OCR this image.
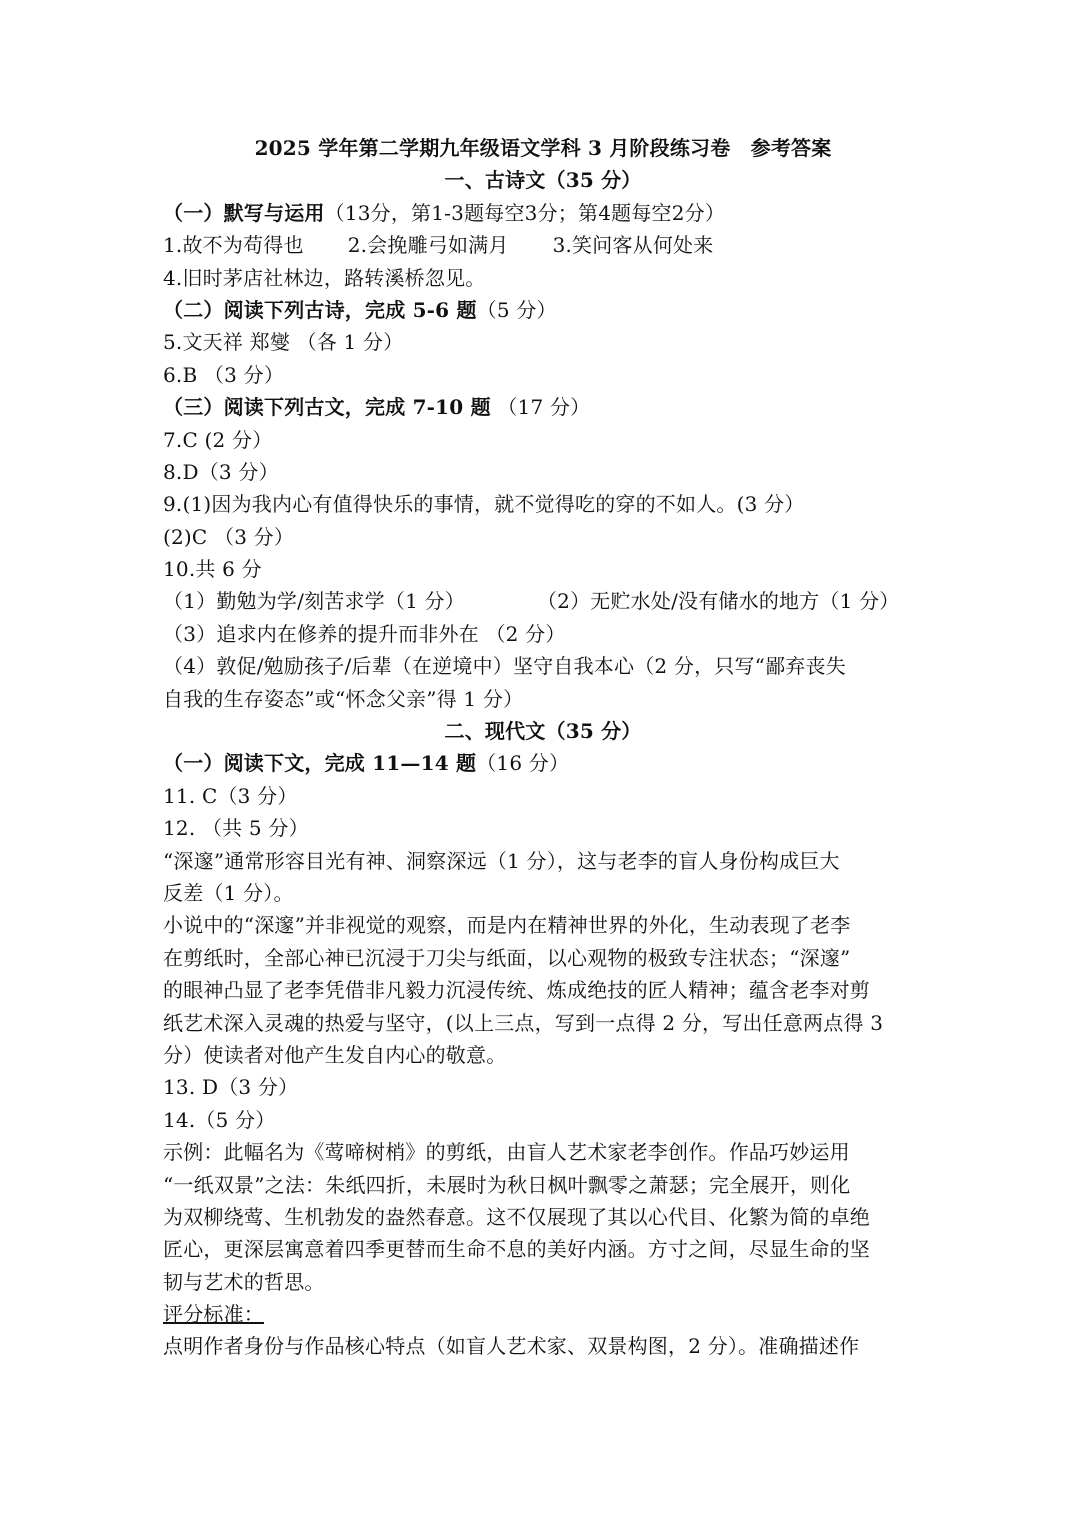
2025 学年第二学期九年级语文学科 3 月阶段练习卷　参考答案
一、古诗文（35 分）
（一）默写与运用（13分，第1-3题每空3分；第4题每空2分）
1.故不为苟得也 2.会挽雕弓如满月 3.笑问客从何处来
4.旧时茅店社林边，路转溪桥忽见。
（二）阅读下列古诗，完成 5-6 题（5 分）
5.文天祥 郑燮 （各 1 分）
6.B （3 分）
（三）阅读下列古文，完成 7-10 题 （17 分）
7.C (2 分）
8.D（3 分）
9.(1)因为我内心有值得快乐的事情，就不觉得吃的穿的不如人。(3 分）
(2)C （3 分）
10.共 6 分
（1）勤勉为学/刻苦求学（1 分）	（2）无贮水处/没有储水的地方（1 分）
（3）追求内在修养的提升而非外在 （2 分）
（4）敦促/勉励孩子/后辈（在逆境中）坚守自我本心（2 分，只写“鄙弃丧失
自我的生存姿态”或“怀念父亲”得 1 分）
二、现代文（35 分）
（一）阅读下文，完成 11—14 题（16 分）
11. C（3 分）
12. （共 5 分）
“深邃”通常形容目光有神、洞察深远（1 分），这与老李的盲人身份构成巨大
反差（1 分）。
小说中的“深邃”并非视觉的观察，而是内在精神世界的外化，生动表现了老李
在剪纸时，全部心神已沉浸于刀尖与纸面，以心观物的极致专注状态；“深邃”
的眼神凸显了老李凭借非凡毅力沉浸传统、炼成绝技的匠人精神；蕴含老李对剪
纸艺术深入灵魂的热爱与坚守，(以上三点，写到一点得 2 分，写出任意两点得 3
分）使读者对他产生发自内心的敬意。
13. D（3 分）
14.（5 分）
示例：此幅名为《莺啼树梢》的剪纸，由盲人艺术家老李创作。作品巧妙运用
“一纸双景”之法：朱纸四折，未展时为秋日枫叶飘零之萧瑟；完全展开，则化
为双柳绕莺、生机勃发的盎然春意。这不仅展现了其以心代目、化繁为简的卓绝
匠心，更深层寓意着四季更替而生命不息的美好内涵。方寸之间，尽显生命的坚
韧与艺术的哲思。
评分标准：
点明作者身份与作品核心特点（如盲人艺术家、双景构图，2 分）。准确描述作
